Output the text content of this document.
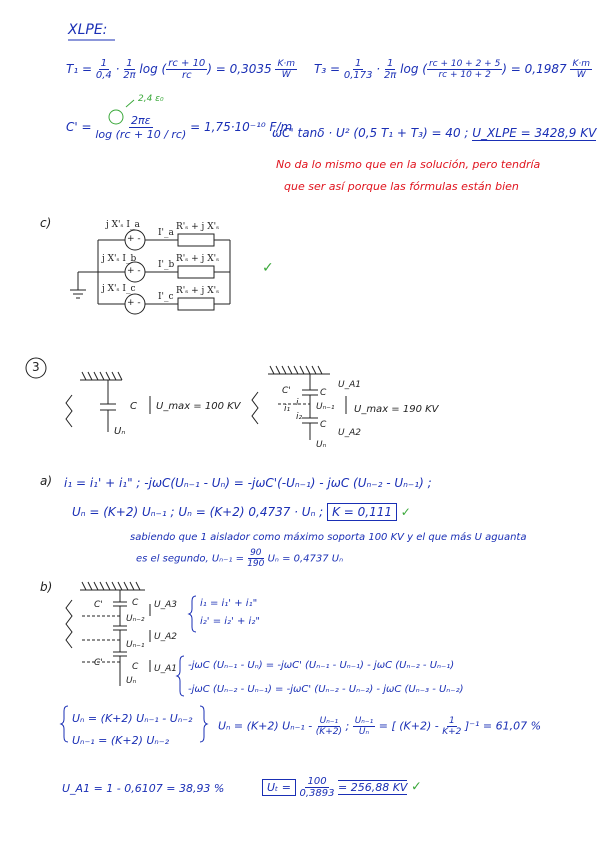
XLPE:
$T_1 = \frac{1}{0,4} \cdot \frac{1}{2\pi}$ log ( $\frac{rc + 10}{rc}$ ) = $0,3035 \frac{K\cdot m}{W} T_3 = \frac{1}{0,173} \cdot \frac{1}{2\pi}$ log ( $\frac{rc + 10 + 2 + 5}{rc + 10 + 2}$ ) = $0,1987 \frac{K\cdot m}{W}$
2,4 ε₀
$C' = \frac{2\pi\varepsilon}{\log (rc + 10 / rc)} = 1,75\cdot 10^{-10}$ F/m
ωC' tanδ · U² (0,5 T₁ + T₃) = 40 ; U_XLPE = 3428,9 KV
No da lo mismo que en la solución, pero tendría
que ser así porque las fórmulas están bien
c)	j X'ₛ I_a
I'_a
R'ₛ + j X'ₛ
j X'ₛ I_b
I'_b
R'ₛ + j X'ₛ
j X'ₛ I_c
I'_c
R'ₛ + j X'ₛ
+ -
+ -
+ -
✓
3
C U_max = 100 KV
Uₙ
C'	C
U_A1
Uₙ₋₁ U_max = 190 KV
C
U_A2
Uₙ
i
i₁
i₂
a) i₁ = i₁' + i₁" ; -jωC(Uₙ₋₁ - Uₙ) = -jωC'(-Uₙ₋₁) - jωC (Uₙ₋₂ - Uₙ₋₁) ;
Uₙ = (K+2) Uₙ₋₁ ; Uₙ = (K+2) 0,4737 · Uₙ ; K = 0,111 ✓
sabiendo que 1 aislador como máximo soporta 100 KV y el que más U aguanta
es el segundo, $U_{n-1} = \frac{90}{190}$ Uₙ = 0,4737 Uₙ
b)
C'	C U_A3
Uₙ₋₂
U_A2
Uₙ₋₁
C'	C U_A1
Uₙ
i₁ = i₁' + i₁"
i₂' = i₂' + i₂"
-jωC (Uₙ₋₁ - Uₙ) = -jωC' (Uₙ₋₁ - Uₙ₋₁) - jωC (Uₙ₋₂ - Uₙ₋₁)
-jωC (Uₙ₋₂ - Uₙ₋₁) = -jωC' (Uₙ₋₂ - Uₙ₋₂) - jωC (Uₙ₋₃ - Uₙ₋₂)
Uₙ = (K+2) Uₙ₋₁ - Uₙ₋₂
Uₙ₋₁ = (K+2) Uₙ₋₂
Uₙ = (K+2) $U_{n-1} - \frac{\text{Uₙ₋₁}}{(K+2)}$ ; $\frac{\text{Uₙ₋₁}}{\text{Uₙ}}$ = [ $(K+2) - \frac{1}{K+2} ]^{-1} = 61,07$ %
U_A1 = 1 - 0,6107 = 38,93 %	$U_t = \frac{100}{0,3893} = 256,88$ KV ✓
